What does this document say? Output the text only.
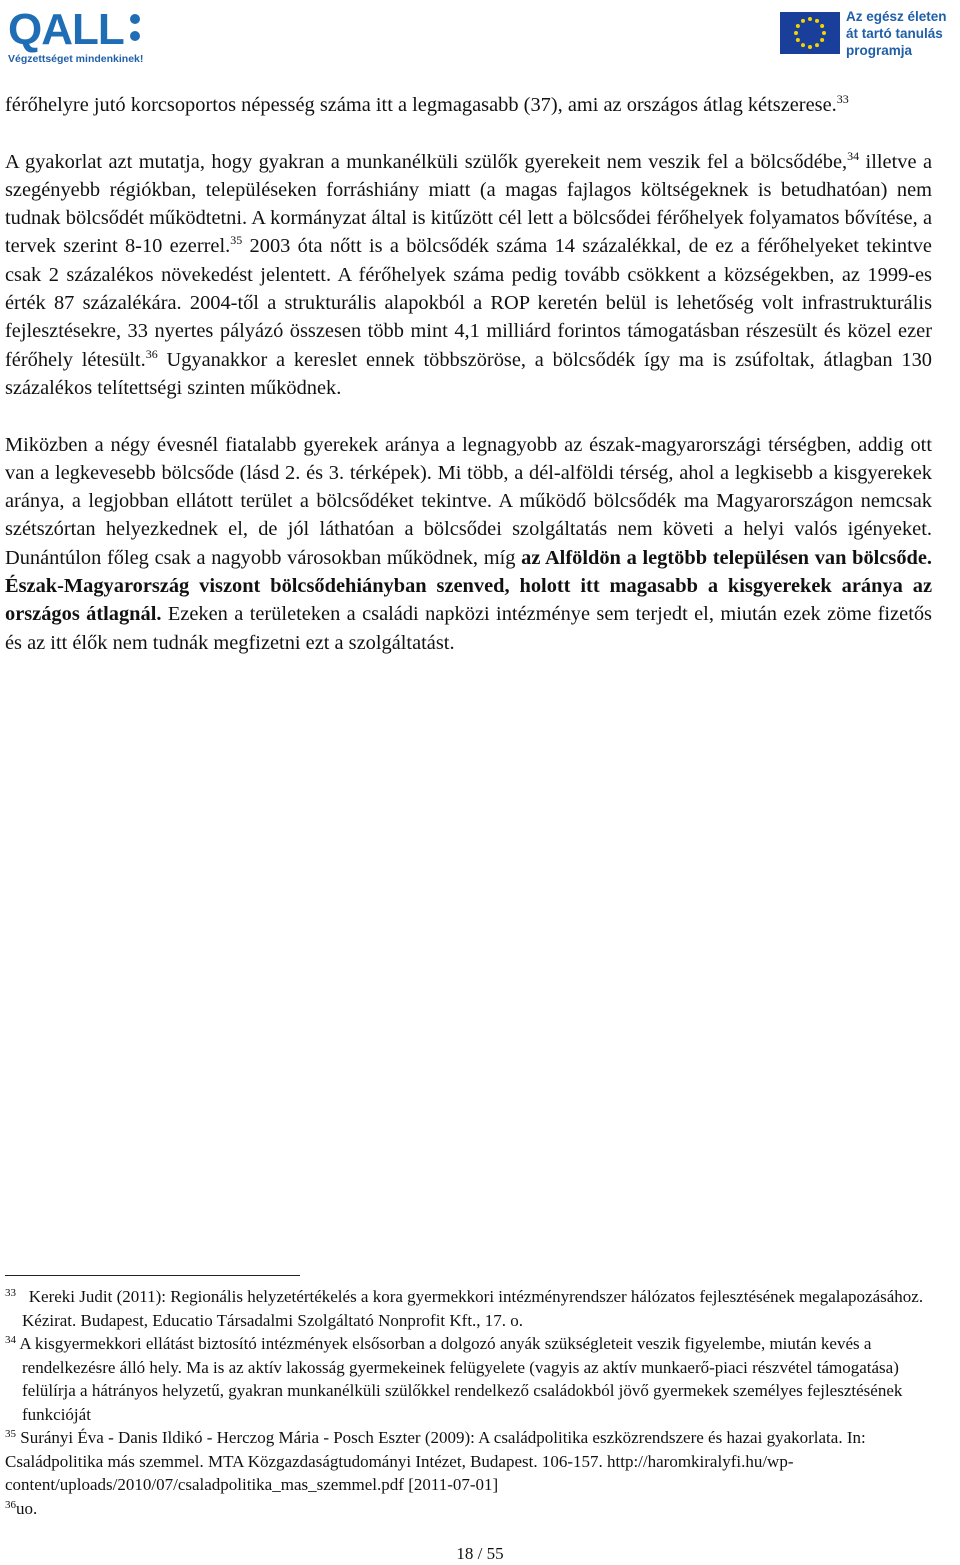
QALL
Végzettséget mindenkinek!
Az egész életen
át tartó tanulás
programja

férőhelyre jutó korcsoportos népesség száma itt a legmagasabb (37), ami az országos átlag kétszerese.$^{33}$

A gyakorlat azt mutatja, hogy gyakran a munkanélküli szülők gyerekeit nem veszik fel a bölcsődébe,$^{34}$ illetve a szegényebb régiókban, településeken forráshiány miatt (a magas fajlagos költségeknek is betudhatóan) nem tudnak bölcsődét működtetni. A kormányzat által is kitűzött cél lett a bölcsődei férőhelyek folyamatos bővítése, a tervek szerint 8-10 ezerrel.$^{35}$ 2003 óta nőtt is a bölcsődék száma 14 százalékkal, de ez a férőhelyeket tekintve csak 2 százalékos növekedést jelentett. A férőhelyek száma pedig tovább csökkent a községekben, az 1999-es érték 87 százalékára. 2004-től a strukturális alapokból a ROP keretén belül is lehetőség volt infrastrukturális fejlesztésekre, 33 nyertes pályázó összesen több mint 4,1 milliárd forintos támogatásban részesült és közel ezer férőhely létesült.$^{36}$ Ugyanakkor a kereslet ennek többszöröse, a bölcsődék így ma is zsúfoltak, átlagban 130 százalékos telítettségi szinten működnek.

Miközben a négy évesnél fiatalabb gyerekek aránya a legnagyobb az észak-magyarországi térségben, addig ott van a legkevesebb bölcsőde (lásd 2. és 3. térképek). Mi több, a dél-alföldi térség, ahol a legkisebb a kisgyerekek aránya, a legjobban ellátott terület a bölcsődéket tekintve. A működő bölcsődék ma Magyarországon nemcsak szétszórtan helyezkednek el, de jól láthatóan a bölcsődei szolgáltatás nem követi a helyi valós igényeket. Dunántúlon főleg csak a nagyobb városokban működnek, míg az Alföldön a legtöbb településen van bölcsőde. Észak-Magyarország viszont bölcsődehiányban szenved, holott itt magasabb a kisgyerekek aránya az országos átlagnál. Ezeken a területeken a családi napközi intézménye sem terjedt el, miután ezek zöme fizetős és az itt élők nem tudnák megfizetni ezt a szolgáltatást.

$^{33}$ Kereki Judit (2011): Regionális helyzetértékelés a kora gyermekkori intézményrendszer hálózatos fejlesztésének megalapozásához. Kézirat. Budapest, Educatio Társadalmi Szolgáltató Nonprofit Kft., 17. o.

$^{34}$ A kisgyermekkori ellátást biztosító intézmények elsősorban a dolgozó anyák szükségleteit veszik figyelembe, miután kevés a rendelkezésre álló hely. Ma is az aktív lakosság gyermekeinek felügyelete (vagyis az aktív munkaerő-piaci részvétel támogatása) felülírja a hátrányos helyzetű, gyakran munkanélküli szülőkkel rendelkező családokból jövő gyermekek személyes fejlesztésének funkcióját

$^{35}$ Surányi Éva - Danis Ildikó - Herczog Mária - Posch Eszter (2009): A családpolitika eszközrendszere és hazai gyakorlata. In: Családpolitika más szemmel. MTA Közgazdaságtudományi Intézet, Budapest. 106-157. http://haromkiralyfi.hu/wp-content/uploads/2010/07/csaladpolitika_mas_szemmel.pdf [2011-07-01]

$^{36}$uo.

18 / 55
